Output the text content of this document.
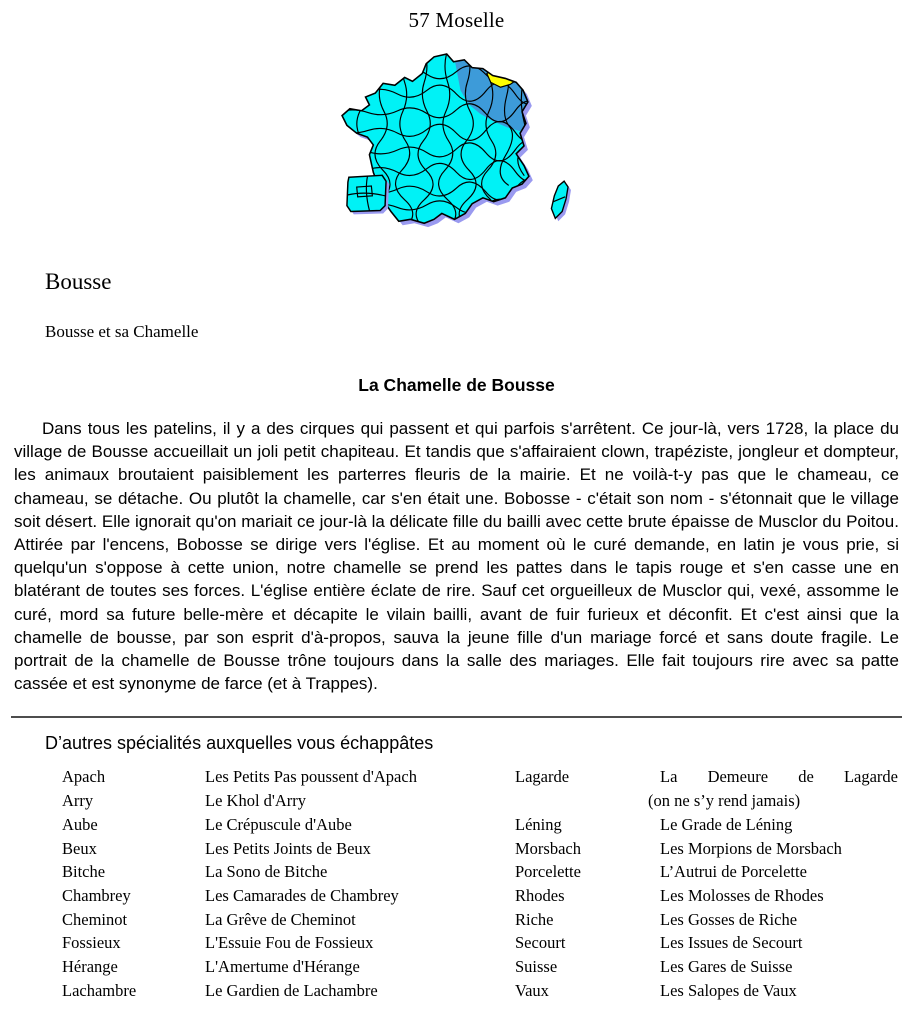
57 Moselle
Bousse
Bousse et sa Chamelle
La Chamelle de Bousse

Dans tous les patelins, il y a des cirques qui passent et qui parfois s'arrêtent. Ce jour-là, vers 1728, la place du village de Bousse accueillait un joli petit chapiteau. Et tandis que s'affairaient clown, trapéziste, jongleur et dompteur, les animaux broutaient paisiblement les parterres fleuris de la mairie. Et ne voilà-t-y pas que le chameau, ce chameau, se détache. Ou plutôt la chamelle, car s'en était une. Bobosse - c'était son nom - s'étonnait que le village soit désert. Elle ignorait qu'on mariait ce jour-là la délicate fille du bailli avec cette brute épaisse de Musclor du Poitou. Attirée par l'encens, Bobosse se dirige vers l'église. Et au moment où le curé demande, en latin je vous prie, si quelqu'un s'oppose à cette union, notre chamelle se prend les pattes dans le tapis rouge et s'en casse une en blatérant de toutes ses forces. L'église entière éclate de rire. Sauf cet orgueilleux de Musclor qui, vexé, assomme le curé, mord sa future belle-mère et décapite le vilain bailli, avant de fuir furieux et déconfit. Et c'est ainsi que la chamelle de bousse, par son esprit d'à-propos, sauva la jeune fille d'un mariage forcé et sans doute fragile. Le portrait de la chamelle de Bousse trône toujours dans la salle des mariages. Elle fait toujours rire avec sa patte cassée et est synonyme de farce (et à Trappes).

D’autres spécialités auxquelles vous échappâtes
Apach	Les Petits Pas poussent d'Apach
Arry	Le Khol d'Arry
Aube	Le Crépuscule d'Aube
Beux	Les Petits Joints de Beux
Bitche	La Sono de Bitche
Chambrey	Les Camarades de Chambrey
Cheminot	La Grêve de Cheminot
Fossieux	L'Essuie Fou de Fossieux
Hérange	L'Amertume d'Hérange
Lachambre	Le Gardien de Lachambre
Lagarde	La Demeure de Lagarde
(on ne s’y rend jamais)
Léning	Le Grade de Léning
Morsbach	Les Morpions de Morsbach
Porcelette	L’Autrui de Porcelette
Rhodes	Les Molosses de Rhodes
Riche	Les Gosses de Riche
Secourt	Les Issues de Secourt
Suisse	Les Gares de Suisse
Vaux	Les Salopes de Vaux
